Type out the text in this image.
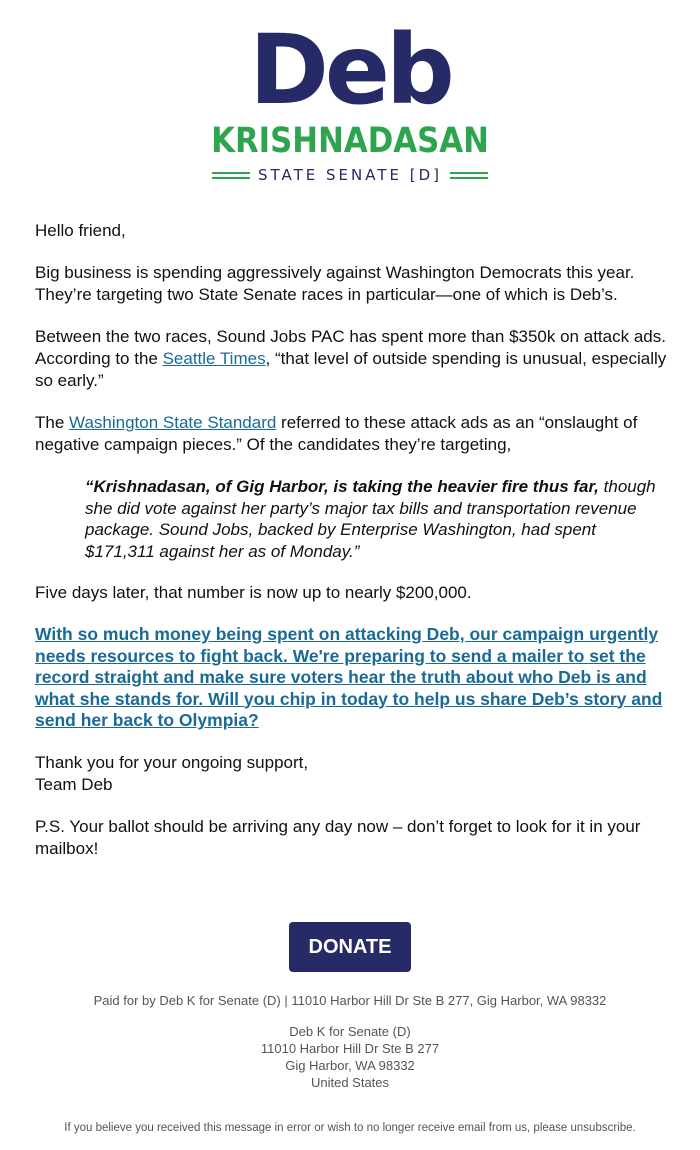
Deb
KRISHNADASAN
STATE SENATE [D]

Hello friend,

Big business is spending aggressively against Washington Democrats this year. They’re targeting two State Senate races in particular—one of which is Deb’s.

Between the two races, Sound Jobs PAC has spent more than $350k on attack ads. According to the Seattle Times, “that level of outside spending is unusual, especially so early.”

The Washington State Standard referred to these attack ads as an “onslaught of negative campaign pieces.” Of the candidates they’re targeting,

“Krishnadasan, of Gig Harbor, is taking the heavier fire thus far, though she did vote against her party’s major tax bills and transportation revenue package. Sound Jobs, backed by Enterprise Washington, had spent $171,311 against her as of Monday.”

Five days later, that number is now up to nearly $200,000.

With so much money being spent on attacking Deb, our campaign urgently needs resources to fight back. We're preparing to send a mailer to set the record straight and make sure voters hear the truth about who Deb is and what she stands for. Will you chip in today to help us share Deb’s story and send her back to Olympia?

Thank you for your ongoing support,
Team Deb

P.S. Your ballot should be arriving any day now – don’t forget to look for it in your mailbox!

DONATE
Paid for by Deb K for Senate (D) | 11010 Harbor Hill Dr Ste B 277, Gig Harbor, WA 98332
Deb K for Senate (D)
11010 Harbor Hill Dr Ste B 277
Gig Harbor, WA 98332
United States
If you believe you received this message in error or wish to no longer receive email from us, please unsubscribe.
